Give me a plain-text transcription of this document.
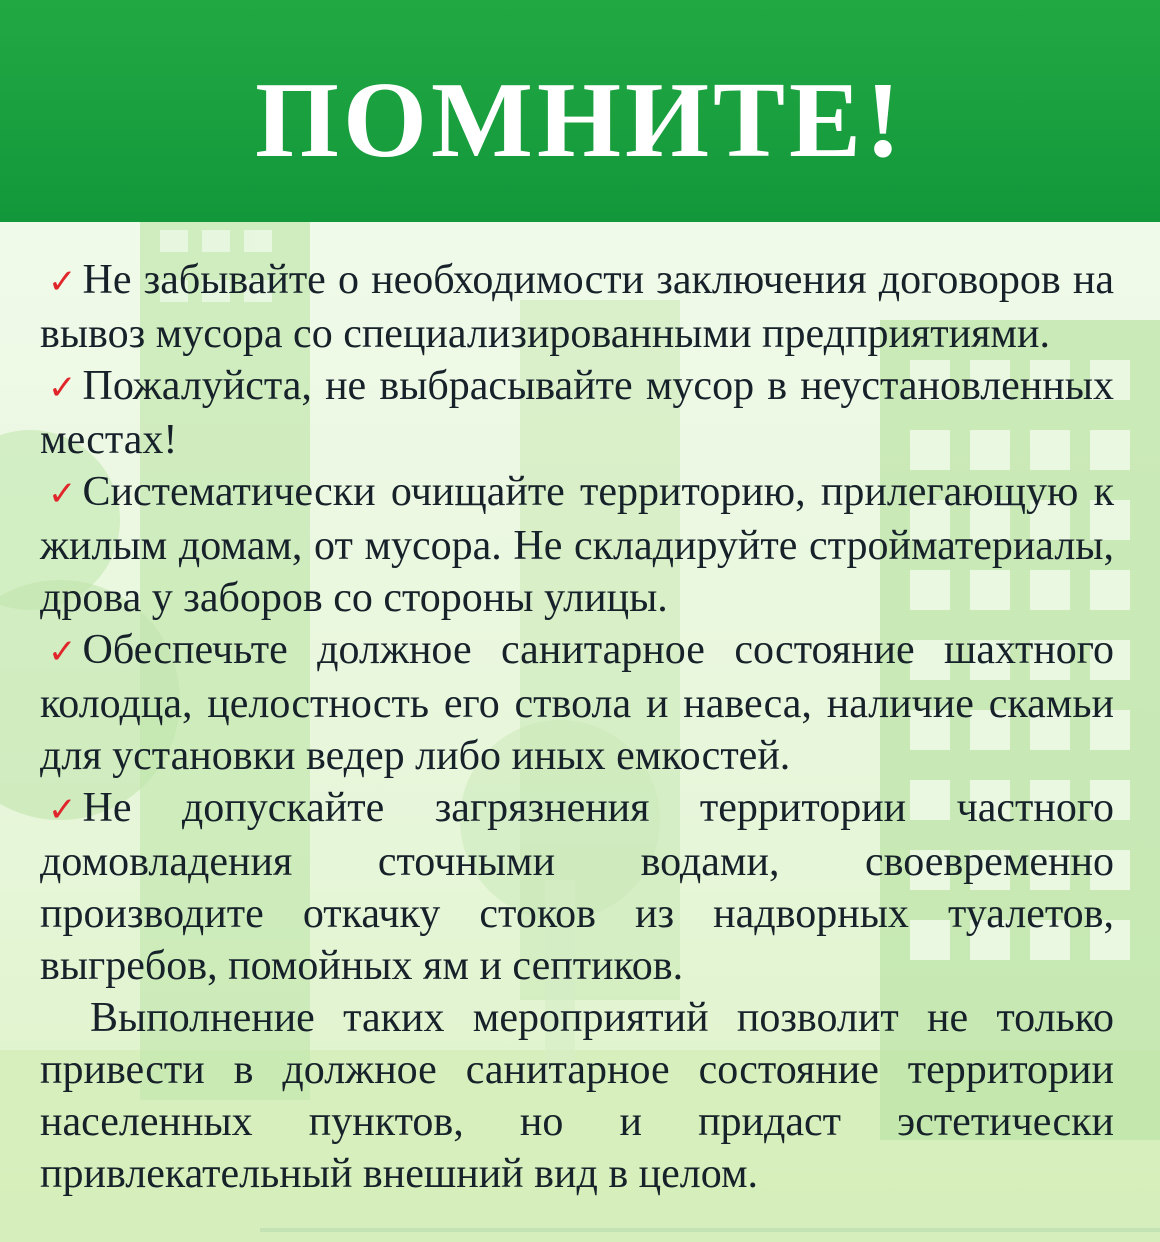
ПОМНИТЕ!

✓ Не забывайте о необходимости заключения договоров на вывоз мусора со специализированными предприятиями.

✓ Пожалуйста, не выбрасывайте мусор в неустановленных местах!

✓ Систематически очищайте территорию, прилегающую к жилым домам, от мусора. Не складируйте стройматериалы, дрова у заборов со стороны улицы.

✓ Обеспечьте должное санитарное состояние шахтного колодца, целостность его ствола и навеса, наличие скамьи для установки ведер либо иных емкостей.

✓ Не допускайте загрязнения территории частного домовладения сточными водами, своевременно производите откачку стоков из надворных туалетов, выгребов, помойных ям и септиков.

Выполнение таких мероприятий позволит не только привести в должное санитарное состояние территории населенных пунктов, но и придаст эстетически привлекательный внешний вид в целом.
